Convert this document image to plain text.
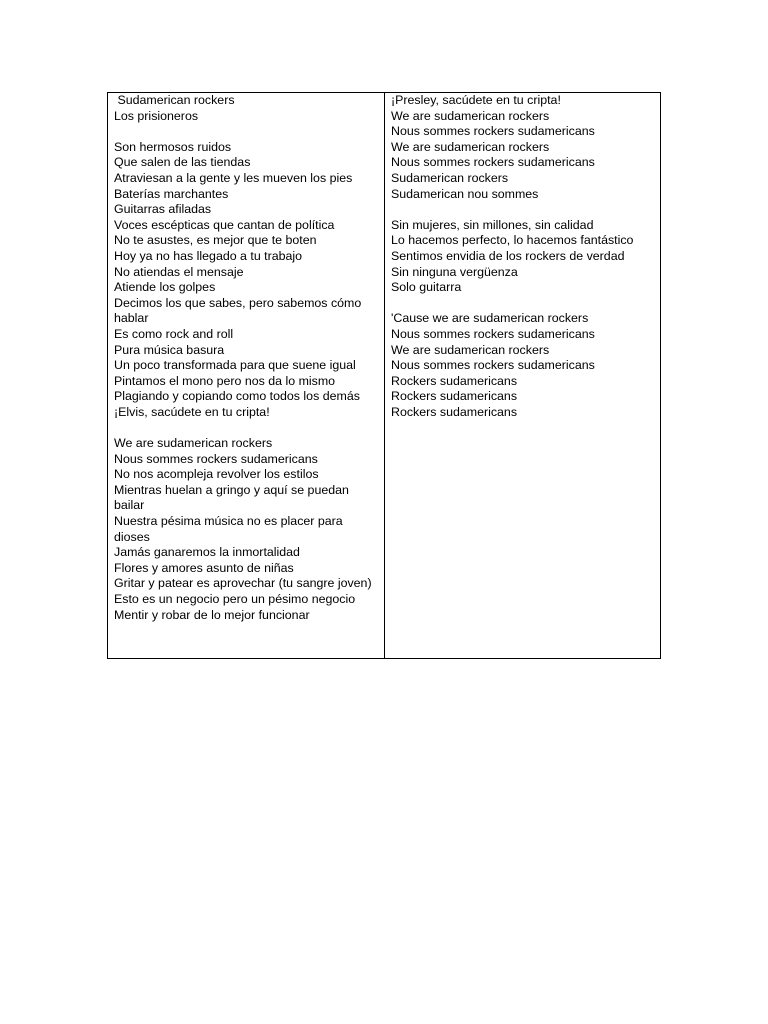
Sudamerican rockers
Los prisioneros
Son hermosos ruidos
Que salen de las tiendas
Atraviesan a la gente y les mueven los pies
Baterías marchantes
Guitarras afiladas
Voces escépticas que cantan de política
No te asustes, es mejor que te boten
Hoy ya no has llegado a tu trabajo
No atiendas el mensaje
Atiende los golpes
Decimos los que sabes, pero sabemos cómo hablar
Es como rock and roll
Pura música basura
Un poco transformada para que suene igual
Pintamos el mono pero nos da lo mismo
Plagiando y copiando como todos los demás
¡Elvis, sacúdete en tu cripta!
We are sudamerican rockers
Nous sommes rockers sudamericans
No nos acompleja revolver los estilos
Mientras huelan a gringo y aquí se puedan bailar
Nuestra pésima música no es placer para dioses
Jamás ganaremos la inmortalidad
Flores y amores asunto de niñas
Gritar y patear es aprovechar (tu sangre joven)
Esto es un negocio pero un pésimo negocio
Mentir y robar de lo mejor funcionar
¡Presley, sacúdete en tu cripta!
We are sudamerican rockers
Nous sommes rockers sudamericans
We are sudamerican rockers
Nous sommes rockers sudamericans
Sudamerican rockers
Sudamerican nou sommes
Sin mujeres, sin millones, sin calidad
Lo hacemos perfecto, lo hacemos fantástico
Sentimos envidia de los rockers de verdad
Sin ninguna vergüenza
Solo guitarra
'Cause we are sudamerican rockers
Nous sommes rockers sudamericans
We are sudamerican rockers
Nous sommes rockers sudamericans
Rockers sudamericans
Rockers sudamericans
Rockers sudamericans
